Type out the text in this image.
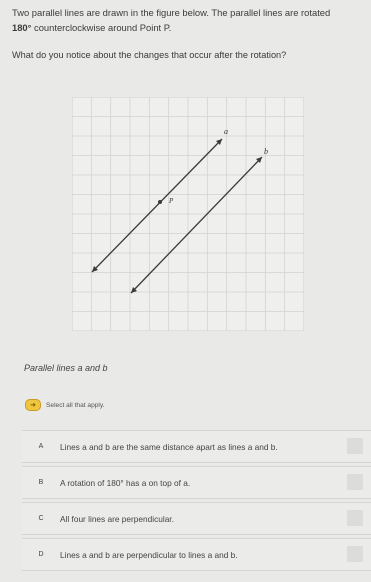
Two parallel lines are drawn in the figure below. The parallel lines are rotated
180° counterclockwise around Point P.
What do you notice about the changes that occur after the rotation?
a
b
P
Parallel lines a and b
➜	Select all that apply.
A	Lines a and b are the same distance apart as lines a and b.
B	A rotation of 180° has a on top of a.
C	All four lines are perpendicular.
D	Lines a and b are perpendicular to lines a and b.
